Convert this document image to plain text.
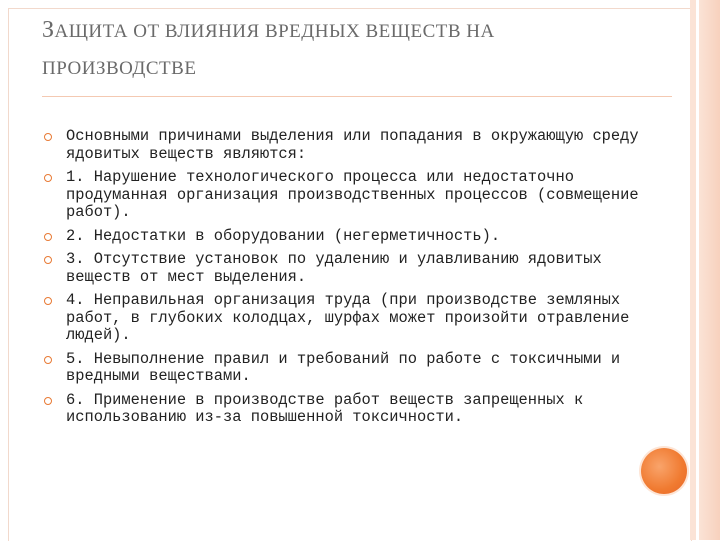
ЗАЩИТА ОТ ВЛИЯНИЯ ВРЕДНЫХ ВЕЩЕСТВ НА
ПРОИЗВОДСТВЕ
Основными причинами выделения или попадания в окружающую среду ядовитых веществ являются:
1. Нарушение технологического процесса или недостаточно продуманная организация производственных процессов (совмещение работ).
2. Недостатки в оборудовании (негерметичность).
3. Отсутствие установок по удалению и улавливанию ядовитых веществ от мест выделения.
4. Неправильная организация труда (при производстве земляных работ, в глубоких колодцах, шурфах может произойти отравление людей).
5. Невыполнение правил и требований по работе с токсичными и вредными веществами.
6. Применение в производстве работ веществ запрещенных к использованию из-за повышенной токсичности.
